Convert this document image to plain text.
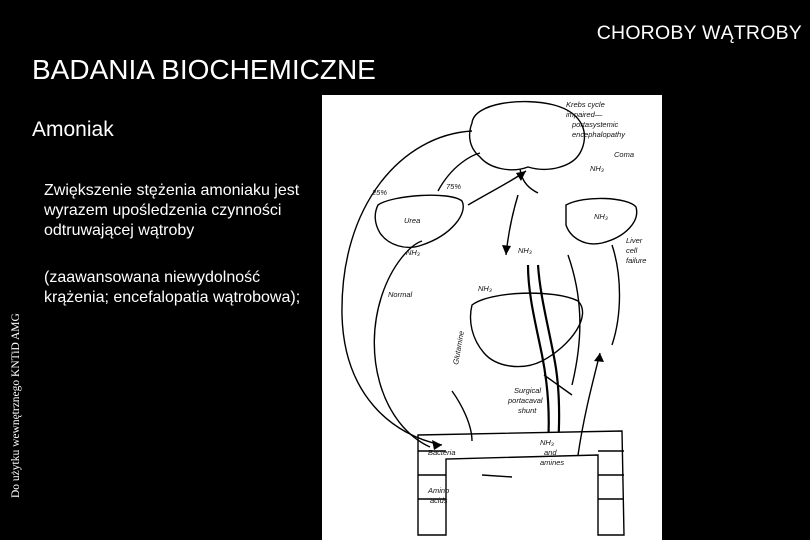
CHOROBY WĄTROBY
BADANIA BIOCHEMICZNE
Amoniak
Zwiększenie stężenia amoniaku jest wyrazem upośledzenia czynności odtruwającej wątroby
(zaawansowana niewydolność krążenia; encefalopatia wątrobowa);
Do użytku wewnętrznego KNTiD AMG
Krebs cycle
impaired—
portasystemic
encephalopathy
Coma
NH₃
25%
75%
Urea
NH₃
NH₃
Liver
cell
failure
NH₃
Normal
NH₃
Glutamine
Surgical
portacaval
shunt
NH₃
and
amines
Bacteria
Amino
acids
